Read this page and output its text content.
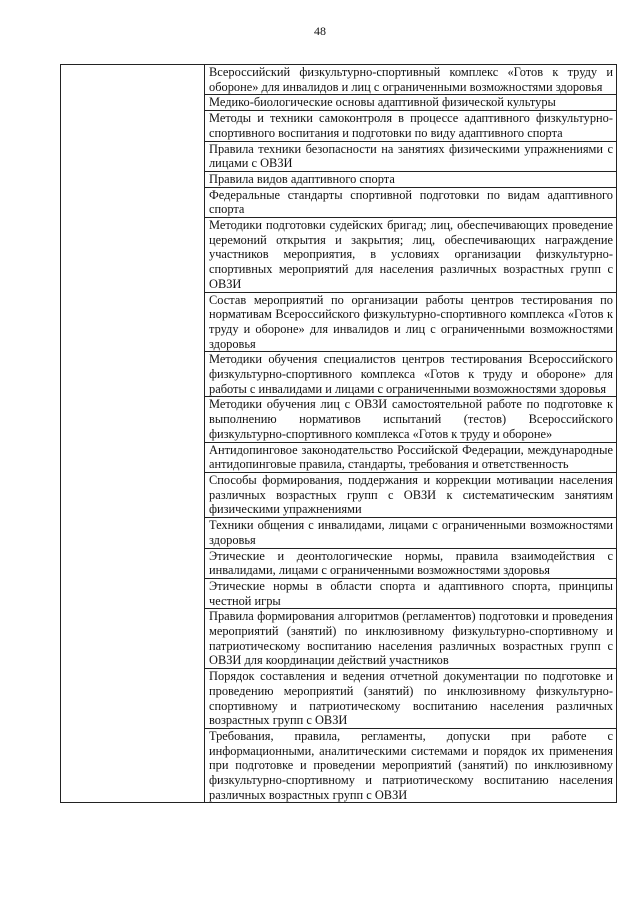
48
	Всероссийский физкультурно-спортивный комплекс «Готов к труду и обороне» для инвалидов и лиц с ограниченными возможностями здоровья
Медико-биологические основы адаптивной физической культуры
Методы и техники самоконтроля в процессе адаптивного физкультурно-спортивного воспитания и подготовки по виду адаптивного спорта
Правила техники безопасности на занятиях физическими упражнениями с лицами с ОВЗИ
Правила видов адаптивного спорта
Федеральные стандарты спортивной подготовки по видам адаптивного спорта
Методики подготовки судейских бригад; лиц, обеспечивающих проведение церемоний открытия и закрытия; лиц, обеспечивающих награждение участников мероприятия, в условиях организации физкультурно-спортивных мероприятий для населения различных возрастных групп с ОВЗИ
Состав мероприятий по организации работы центров тестирования по нормативам Всероссийского физкультурно-спортивного комплекса «Готов к труду и обороне» для инвалидов и лиц с ограниченными возможностями здоровья
Методики обучения специалистов центров тестирования Всероссийского физкультурно-спортивного комплекса «Готов к труду и обороне» для работы с инвалидами и лицами с ограниченными возможностями здоровья
Методики обучения лиц с ОВЗИ самостоятельной работе по подготовке к выполнению нормативов испытаний (тестов) Всероссийского физкультурно-спортивного комплекса «Готов к труду и обороне»
Антидопинговое законодательство Российской Федерации, международные антидопинговые правила, стандарты, требования и ответственность
Способы формирования, поддержания и коррекции мотивации населения различных возрастных групп с ОВЗИ к систематическим занятиям физическими упражнениями
Техники общения с инвалидами, лицами с ограниченными возможностями здоровья
Этические и деонтологические нормы, правила взаимодействия с инвалидами, лицами с ограниченными возможностями здоровья
Этические нормы в области спорта и адаптивного спорта, принципы честной игры
Правила формирования алгоритмов (регламентов) подготовки и проведения мероприятий (занятий) по инклюзивному физкультурно-спортивному и патриотическому воспитанию населения различных возрастных групп с ОВЗИ для координации действий участников
Порядок составления и ведения отчетной документации по подготовке и проведению мероприятий (занятий) по инклюзивному физкультурно-спортивному и патриотическому воспитанию населения различных возрастных групп с ОВЗИ
Требования, правила, регламенты, допуски при работе с информационными, аналитическими системами и порядок их применения при подготовке и проведении мероприятий (занятий) по инклюзивному физкультурно-спортивному и патриотическому воспитанию населения различных возрастных групп с ОВЗИ
